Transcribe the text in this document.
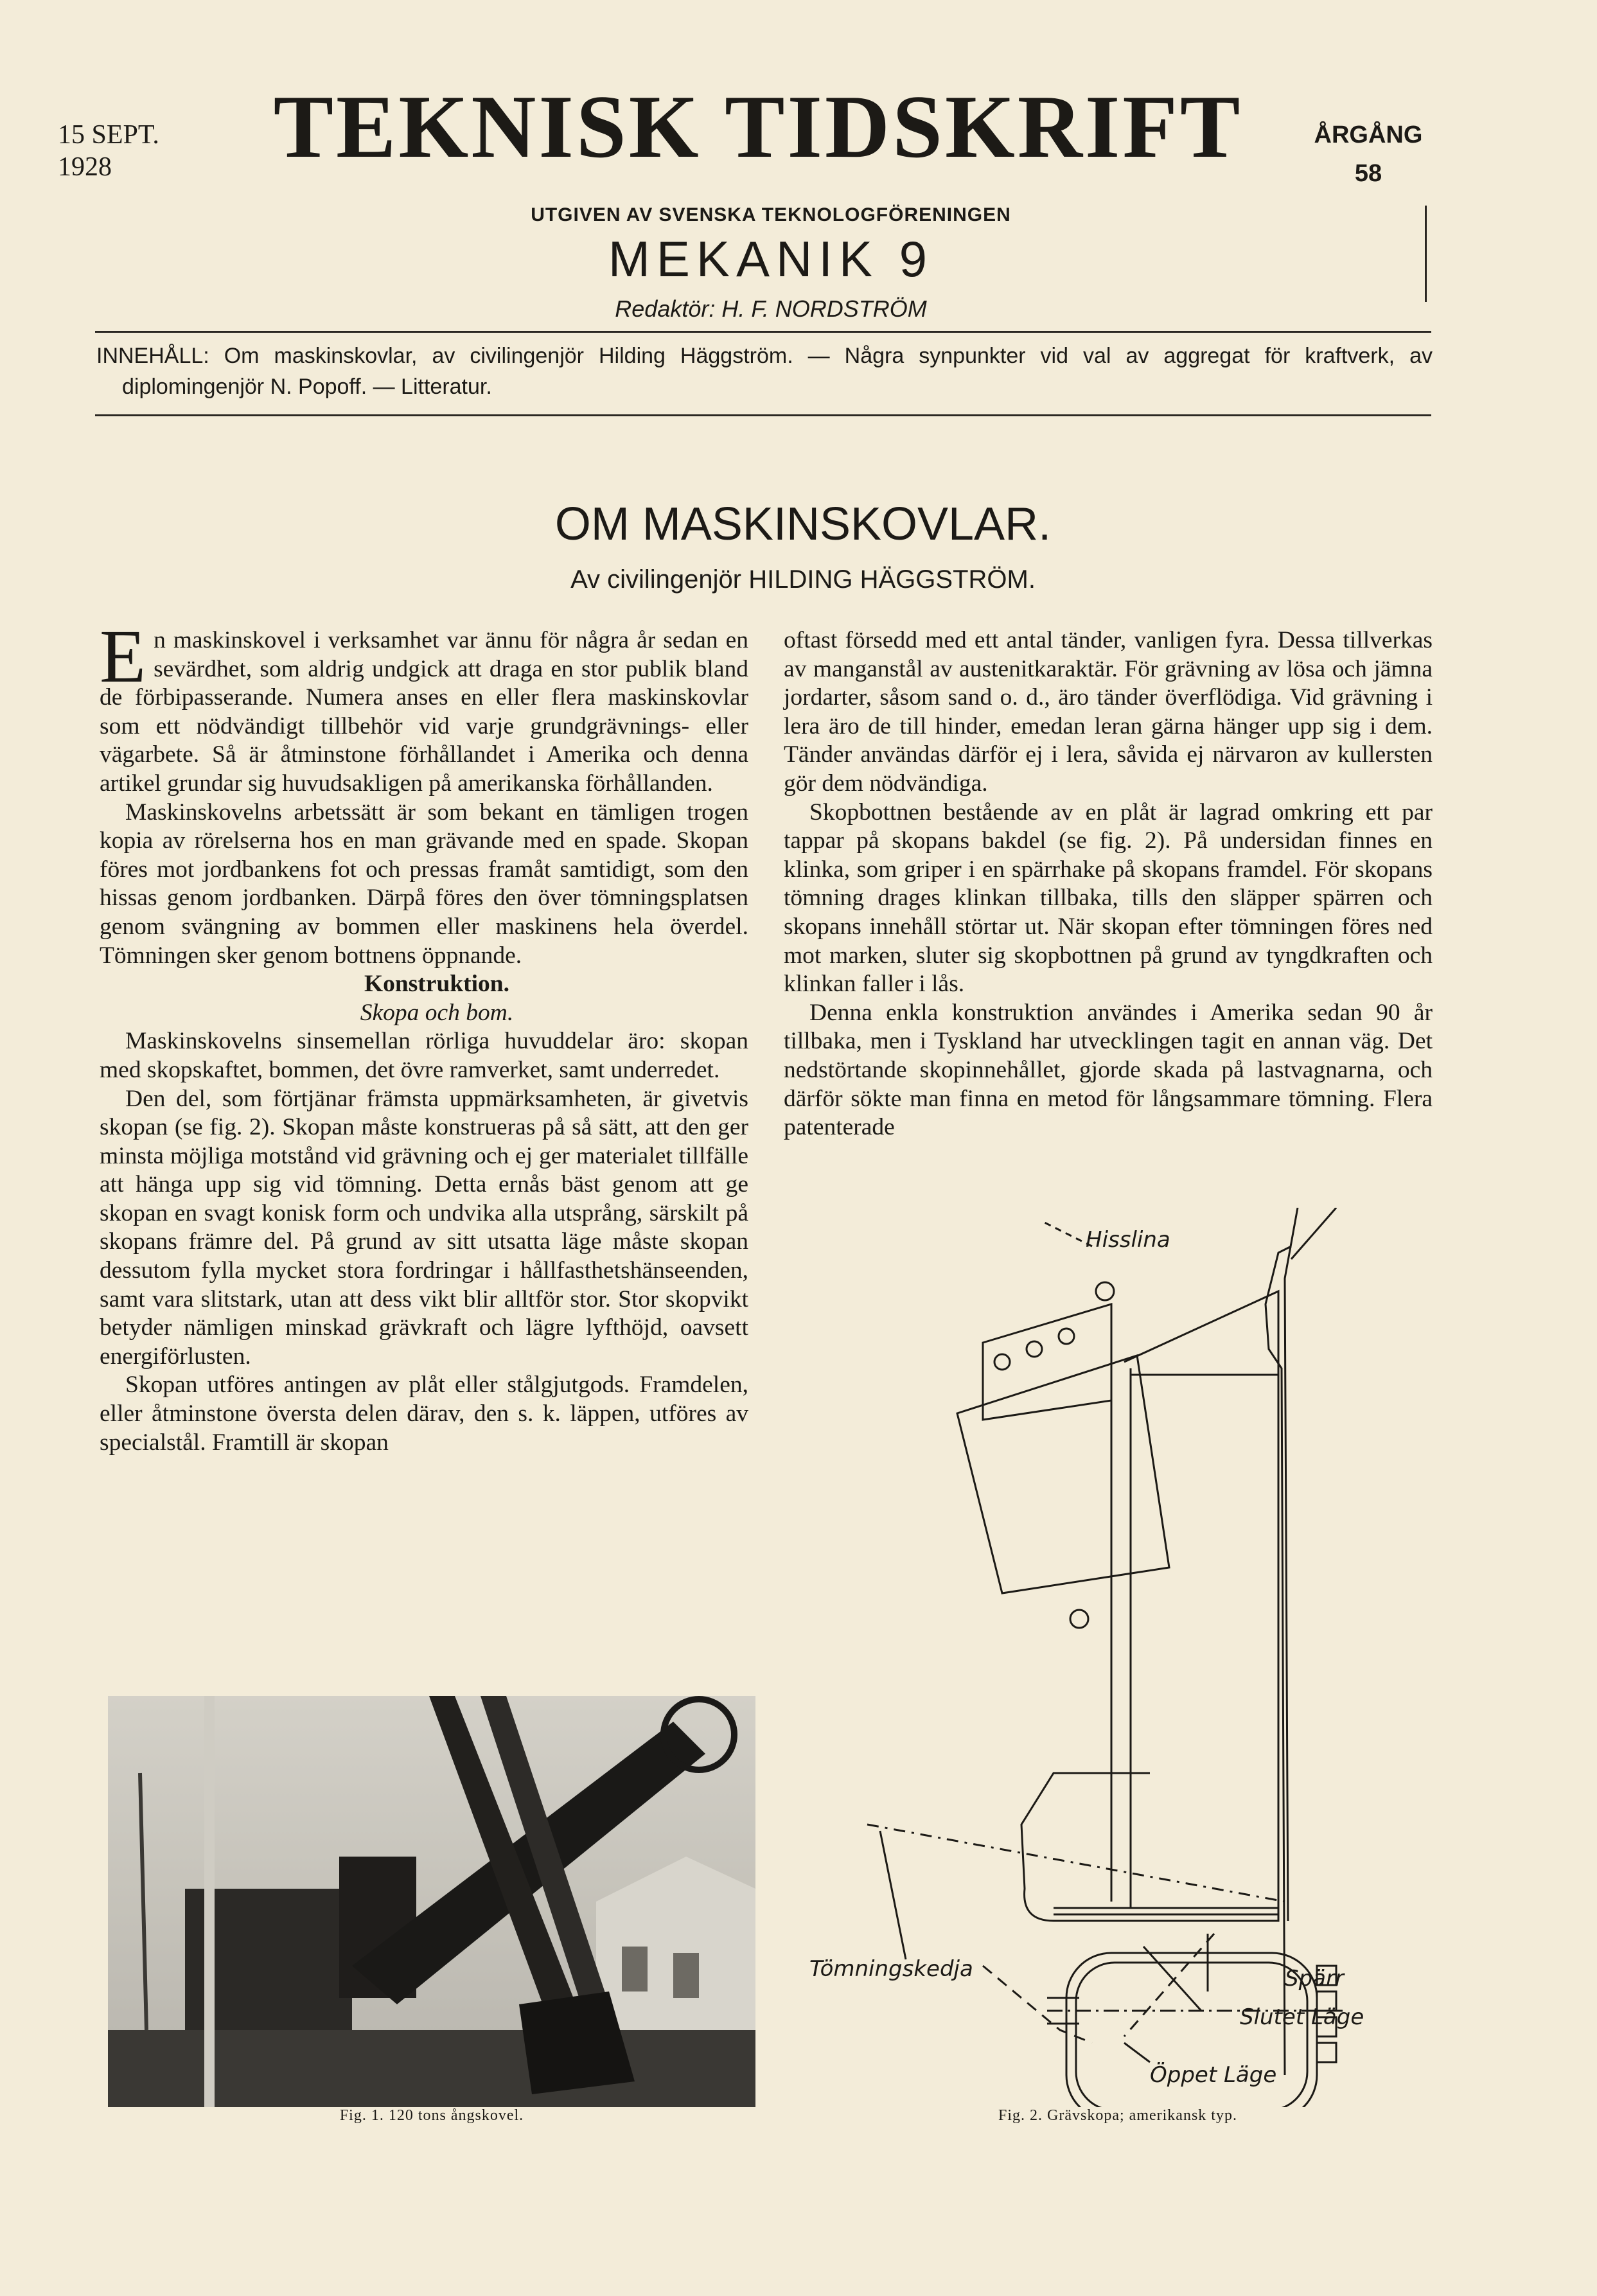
15 SEPT.
1928	TEKNISK TIDSKRIFT	ÅRGÅNG
58
UTGIVEN AV SVENSKA TEKNOLOGFÖRENINGEN
MEKANIK 9
Redaktör: H. F. NORDSTRÖM
INNEHÅLL: Om maskinskovlar, av civilingenjör Hilding Häggström. — Några synpunkter vid val av aggregat för kraftverk, av diplomingenjör N. Popoff. — Litteratur.
OM MASKINSKOVLAR.
Av civilingenjör HILDING HÄGGSTRÖM.

En maskinskovel i verksamhet var ännu för några år sedan en sevärdhet, som aldrig undgick att draga en stor publik bland de förbipasserande. Numera anses en eller flera maskinskovlar som ett nödvändigt tillbehör vid varje grundgrävnings- eller vägarbete. Så är åtminstone förhållandet i Amerika och denna artikel grundar sig huvudsakligen på amerikanska förhållanden.

Maskinskovelns arbetssätt är som bekant en tämligen trogen kopia av rörelserna hos en man grävande med en spade. Skopan föres mot jordbankens fot och pressas framåt samtidigt, som den hissas genom jordbanken. Därpå föres den över tömningsplatsen genom svängning av bommen eller maskinens hela överdel. Tömningen sker genom bottnens öppnande.

Konstruktion.

Skopa och bom.

Maskinskovelns sinsemellan rörliga huvuddelar äro: skopan med skopskaftet, bommen, det övre ramverket, samt underredet.

Den del, som förtjänar främsta uppmärksamheten, är givetvis skopan (se fig. 2). Skopan måste konstrueras på så sätt, att den ger minsta möjliga motstånd vid grävning och ej ger materialet tillfälle att hänga upp sig vid tömning. Detta ernås bäst genom att ge skopan en svagt konisk form och undvika alla utsprång, särskilt på skopans främre del. På grund av sitt utsatta läge måste skopan dessutom fylla mycket stora fordringar i hållfasthetshänseenden, samt vara slitstark, utan att dess vikt blir alltför stor. Stor skopvikt betyder nämligen minskad grävkraft och lägre lyfthöjd, oavsett energiförlusten.

Skopan utföres antingen av plåt eller stålgjutgods. Framdelen, eller åtminstone översta delen därav, den s. k. läppen, utföres av specialstål. Framtill är skopan

oftast försedd med ett antal tänder, vanligen fyra. Dessa tillverkas av manganstål av austenitkaraktär. För grävning av lösa och jämna jordarter, såsom sand o. d., äro tänder överflödiga. Vid grävning i lera äro de till hinder, emedan leran gärna hänger upp sig i dem. Tänder användas därför ej i lera, såvida ej närvaron av kullersten gör dem nödvändiga.

Skopbottnen bestående av en plåt är lagrad omkring ett par tappar på skopans bakdel (se fig. 2). På undersidan finnes en klinka, som griper i en spärrhake på skopans framdel. För skopans tömning drages klinkan tillbaka, tills den släpper spärren och skopans innehåll störtar ut. När skopan efter tömningen föres ned mot marken, sluter sig skopbottnen på grund av tyngdkraften och klinkan faller i lås.

Denna enkla konstruktion användes i Amerika sedan 90 år tillbaka, men i Tyskland har utvecklingen tagit en annan väg. Det nedstörtande skopinnehållet, gjorde skada på lastvagnarna, och därför sökte man finna en metod för långsammare tömning. Flera patenterade

Fig. 1. 120 tons ångskovel.
Hisslina
Tömningskedja	Spärr
Slutet Läge
Öppet Läge
Fig. 2. Grävskopa; amerikansk typ.
